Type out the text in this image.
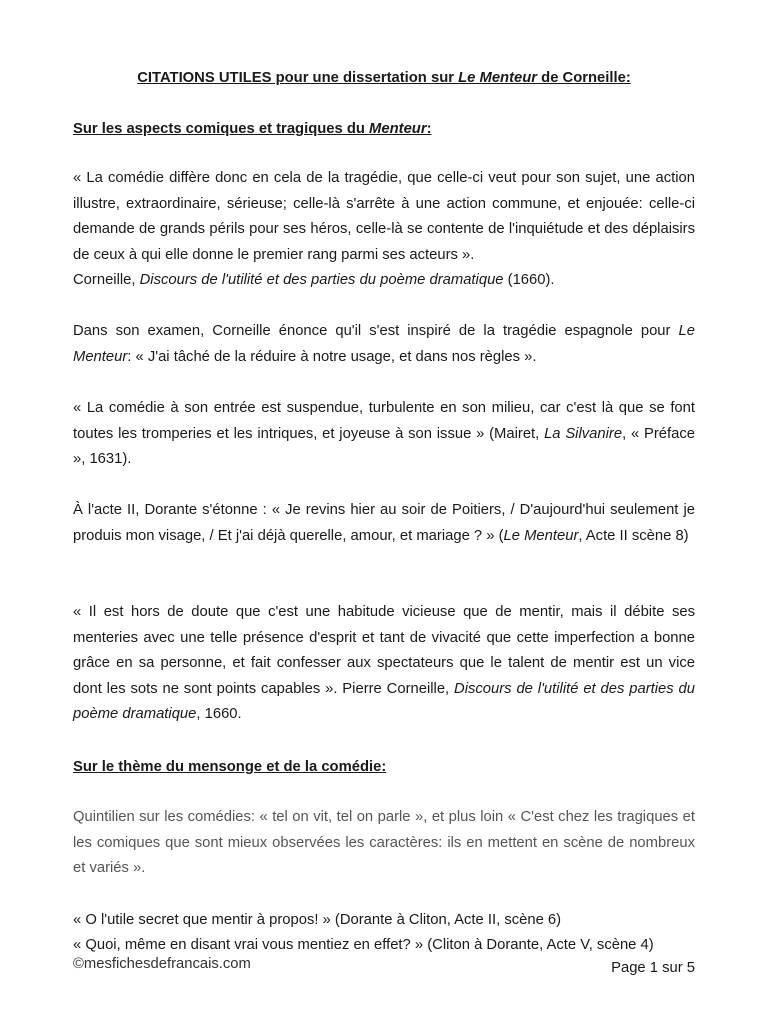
CITATIONS UTILES pour une dissertation sur Le Menteur de Corneille:
Sur les aspects comiques et tragiques du Menteur:
« La comédie diffère donc en cela de la tragédie, que celle-ci veut pour son sujet, une action illustre, extraordinaire, sérieuse; celle-là s'arrête à une action commune, et enjouée: celle-ci demande de grands périls pour ses héros, celle-là se contente de l'inquiétude et des déplaisirs de ceux à qui elle donne le premier rang parmi ses acteurs ».
Corneille, Discours de l'utilité et des parties du poème dramatique (1660).
Dans son examen, Corneille énonce qu'il s'est inspiré de la tragédie espagnole pour Le Menteur: « J'ai tâché de la réduire à notre usage, et dans nos règles ».
« La comédie à son entrée est suspendue, turbulente en son milieu, car c'est là que se font toutes les tromperies et les intriques, et joyeuse à son issue » (Mairet, La Silvanire, « Préface », 1631).
À l'acte II, Dorante s'étonne : « Je revins hier au soir de Poitiers, / D'aujourd'hui seulement je produis mon visage, / Et j'ai déjà querelle, amour, et mariage ? » (Le Menteur, Acte II scène 8)
« Il est hors de doute que c'est une habitude vicieuse que de mentir, mais il débite ses menteries avec une telle présence d'esprit et tant de vivacité que cette imperfection a bonne grâce en sa personne, et fait confesser aux spectateurs que le talent de mentir est un vice dont les sots ne sont points capables ». Pierre Corneille, Discours de l'utilité et des parties du poème dramatique, 1660.
Sur le thème du mensonge et de la comédie:
Quintilien sur les comédies: « tel on vit, tel on parle », et plus loin « C'est chez les tragiques et les comiques que sont mieux observées les caractères: ils en mettent en scène de nombreux et variés ».
« O l'utile secret que mentir à propos! » (Dorante à Cliton, Acte II, scène 6)
« Quoi, même en disant vrai vous mentiez en effet? » (Cliton à Dorante, Acte V, scène 4)
©mesfichesdefrancais.com	Page 1 sur 5
